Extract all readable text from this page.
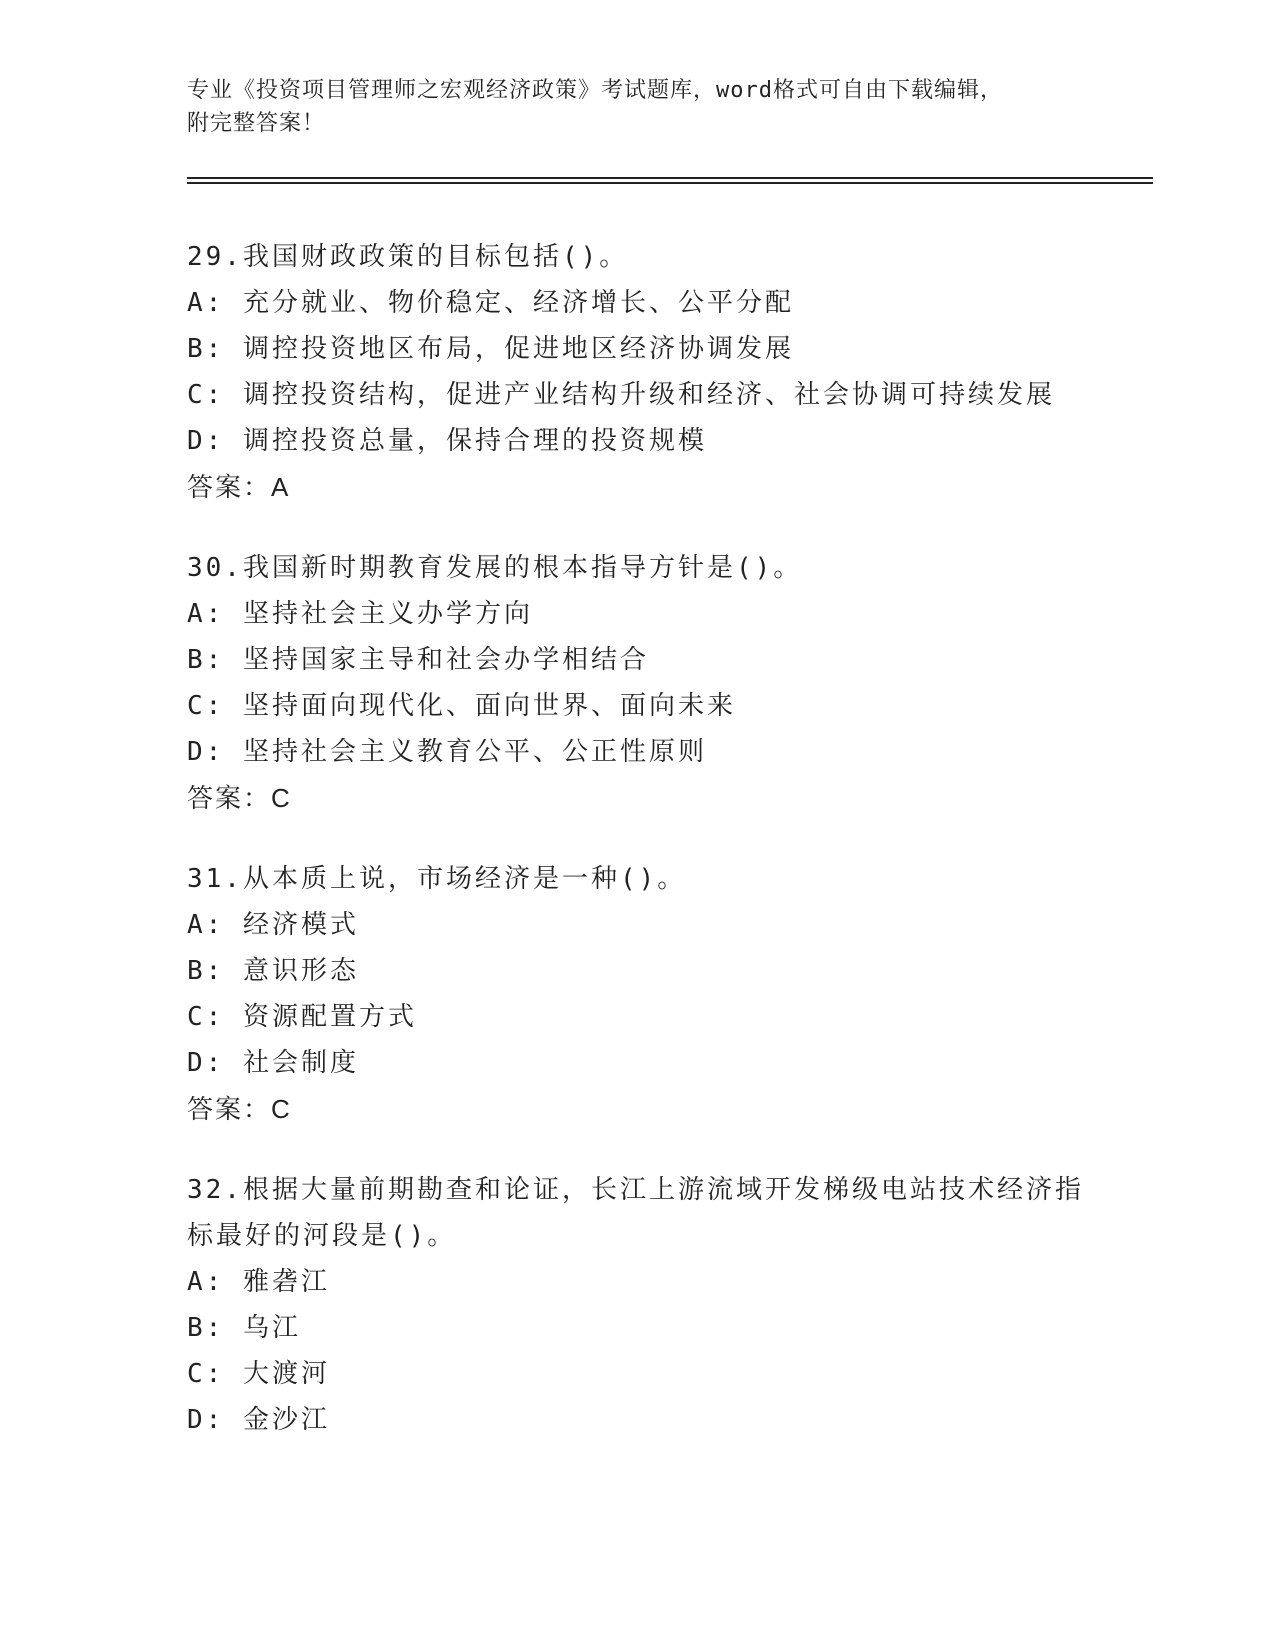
专业《投资项目管理师之宏观经济政策》考试题库，word格式可自由下载编辑，
附完整答案！
29.我国财政政策的目标包括()。
A: 充分就业、物价稳定、经济增长、公平分配
B: 调控投资地区布局，促进地区经济协调发展
C: 调控投资结构，促进产业结构升级和经济、社会协调可持续发展
D: 调控投资总量，保持合理的投资规模
答案：A
30.我国新时期教育发展的根本指导方针是()。
A: 坚持社会主义办学方向
B: 坚持国家主导和社会办学相结合
C: 坚持面向现代化、面向世界、面向未来
D: 坚持社会主义教育公平、公正性原则
答案：C
31.从本质上说，市场经济是一种()。
A: 经济模式
B: 意识形态
C: 资源配置方式
D: 社会制度
答案：C
32.根据大量前期勘查和论证，长江上游流域开发梯级电站技术经济指
标最好的河段是()。
A: 雅砻江
B: 乌江
C: 大渡河
D: 金沙江
